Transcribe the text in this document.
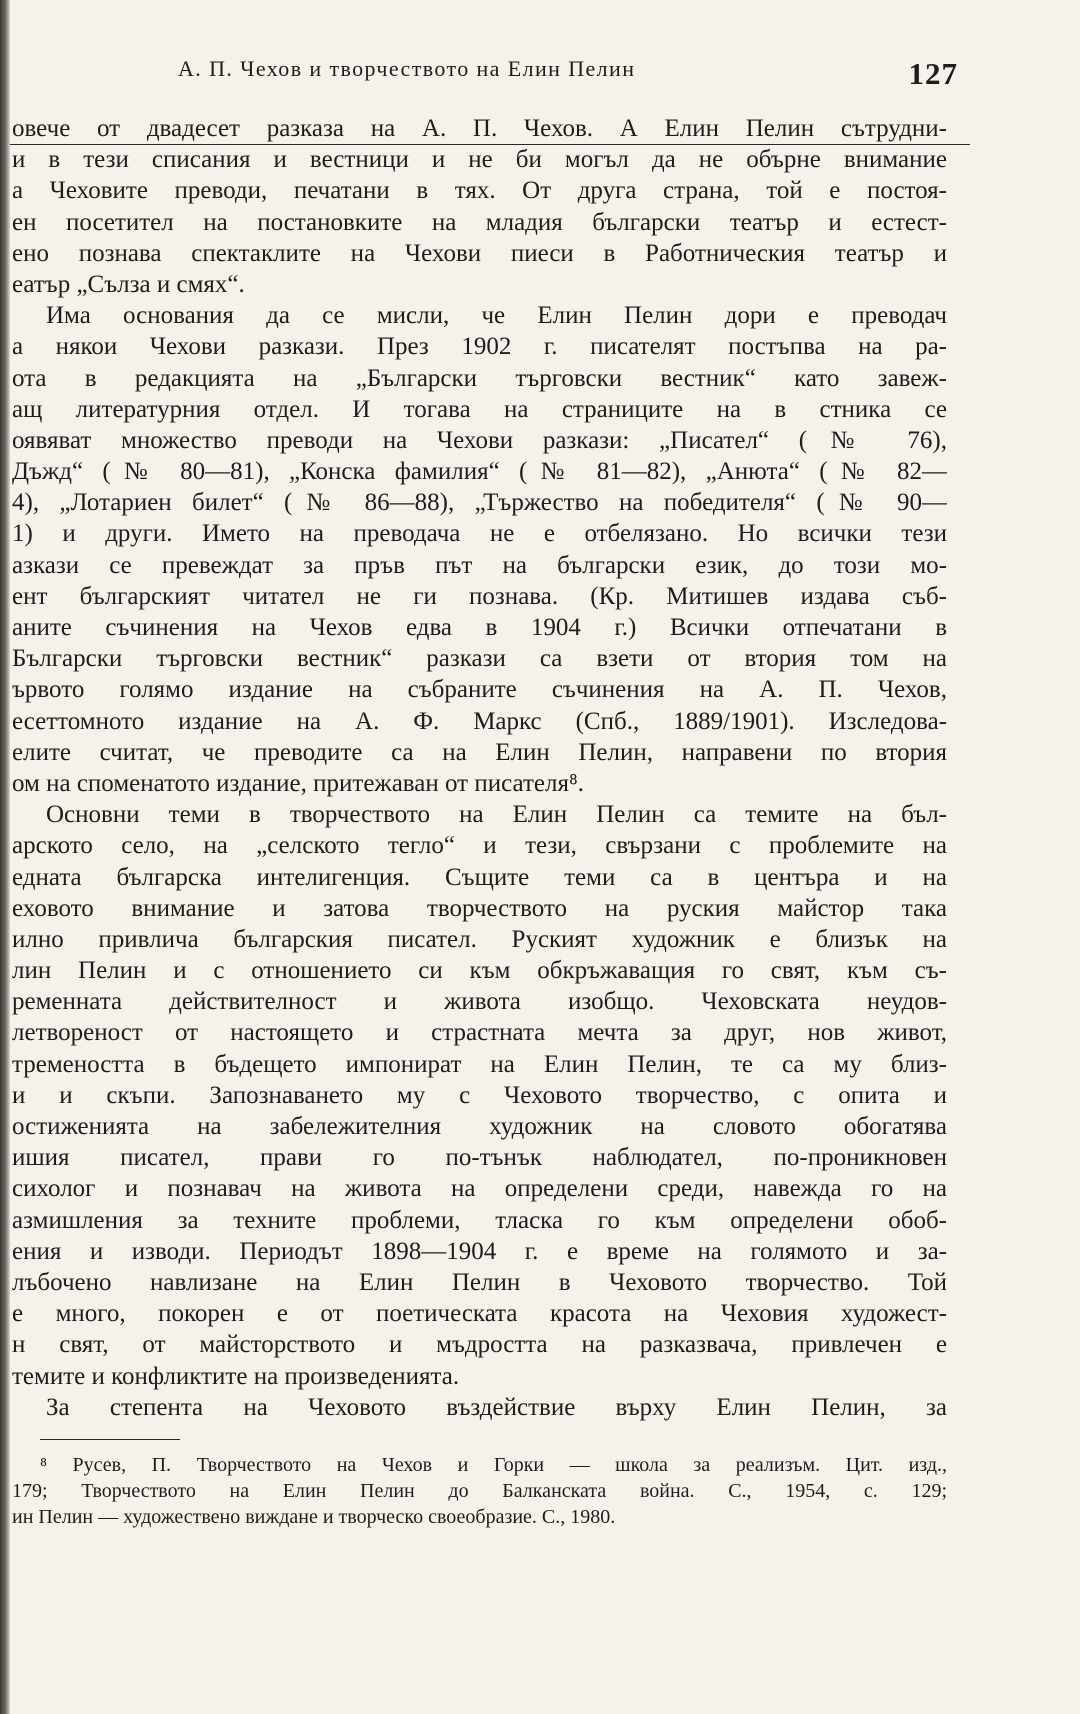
А. П. Чехов и творчеството на Елин Пелин	127
овече от двадесет разказа на А. П. Чехов. А Елин Пелин сътрудни-
и в тези списания и вестници и не би могъл да не обърне внимание
а Чеховите преводи, печатани в тях. От друга страна, той е постоя-
ен посетител на постановките на младия български театър и естест-
ено познава спектаклите на Чехови пиеси в Работническия театър и
еатър „Сълза и смях“.
Има основания да се мисли, че Елин Пелин дори е преводач
а някои Чехови разкази. През 1902 г. писателят постъпва на ра-
ота в редакцията на „Български търговски вестник“ като завеж-
ащ литературния отдел. И тогава на страниците на в стника се
оявяват множество преводи на Чехови разкази: „Писател“ (№ 76),
Дъжд“ (№ 80—81), „Конска фамилия“ (№ 81—82), „Анюта“ (№ 82—
4), „Лотариен билет“ (№ 86—88), „Тържество на победителя“ (№ 90—
1) и други. Името на преводача не е отбелязано. Но всички тези
азкази се превеждат за пръв път на български език, до този мо-
ент българският читател не ги познава. (Кр. Митишев издава съб-
аните съчинения на Чехов едва в 1904 г.) Всички отпечатани в
Български търговски вестник“ разкази са взети от втория том на
ървото голямо издание на събраните съчинения на А. П. Чехов,
есеттомното издание на А. Ф. Маркс (Спб., 1889/1901). Изследова-
елите считат, че преводите са на Елин Пелин, направени по втория
ом на споменатото издание, притежаван от писателя⁸.
Основни теми в творчеството на Елин Пелин са темите на бъл-
арското село, на „селското тегло“ и тези, свързани с проблемите на
едната българска интелигенция. Същите теми са в центъра и на
еховото внимание и затова творчеството на руския майстор така
илно привлича българския писател. Руският художник е близък на
лин Пелин и с отношението си към обкръжаващия го свят, към съ-
ременната действителност и живота изобщо. Чеховската неудов-
летвореност от настоящето и страстната мечта за друг, нов живот,
тремеността в бъдещето импонират на Елин Пелин, те са му близ-
и и скъпи. Запознаването му с Чеховото творчество, с опита и
остиженията на забележителния художник на словото обогатява
ишия писател, прави го по-тънък наблюдател, по-проникновен
сихолог и познавач на живота на определени среди, навежда го на
азмишления за техните проблеми, тласка го към определени обоб-
ения и изводи. Периодът 1898—1904 г. е време на голямото и за-
лъбочено навлизане на Елин Пелин в Чеховото творчество. Той
е много, покорен е от поетическата красота на Чеховия художест-
н свят, от майсторството и мъдростта на разказвача, привлечен е
темите и конфликтите на произведенията.
За степента на Чеховото въздействие върху Елин Пелин, за
⁸ Русев, П. Творчеството на Чехов и Горки — школа за реализъм. Цит. изд.,
179; Творчеството на Елин Пелин до Балканската война. С., 1954, с. 129;
ин Пелин — художествено виждане и творческо своеобразие. С., 1980.
